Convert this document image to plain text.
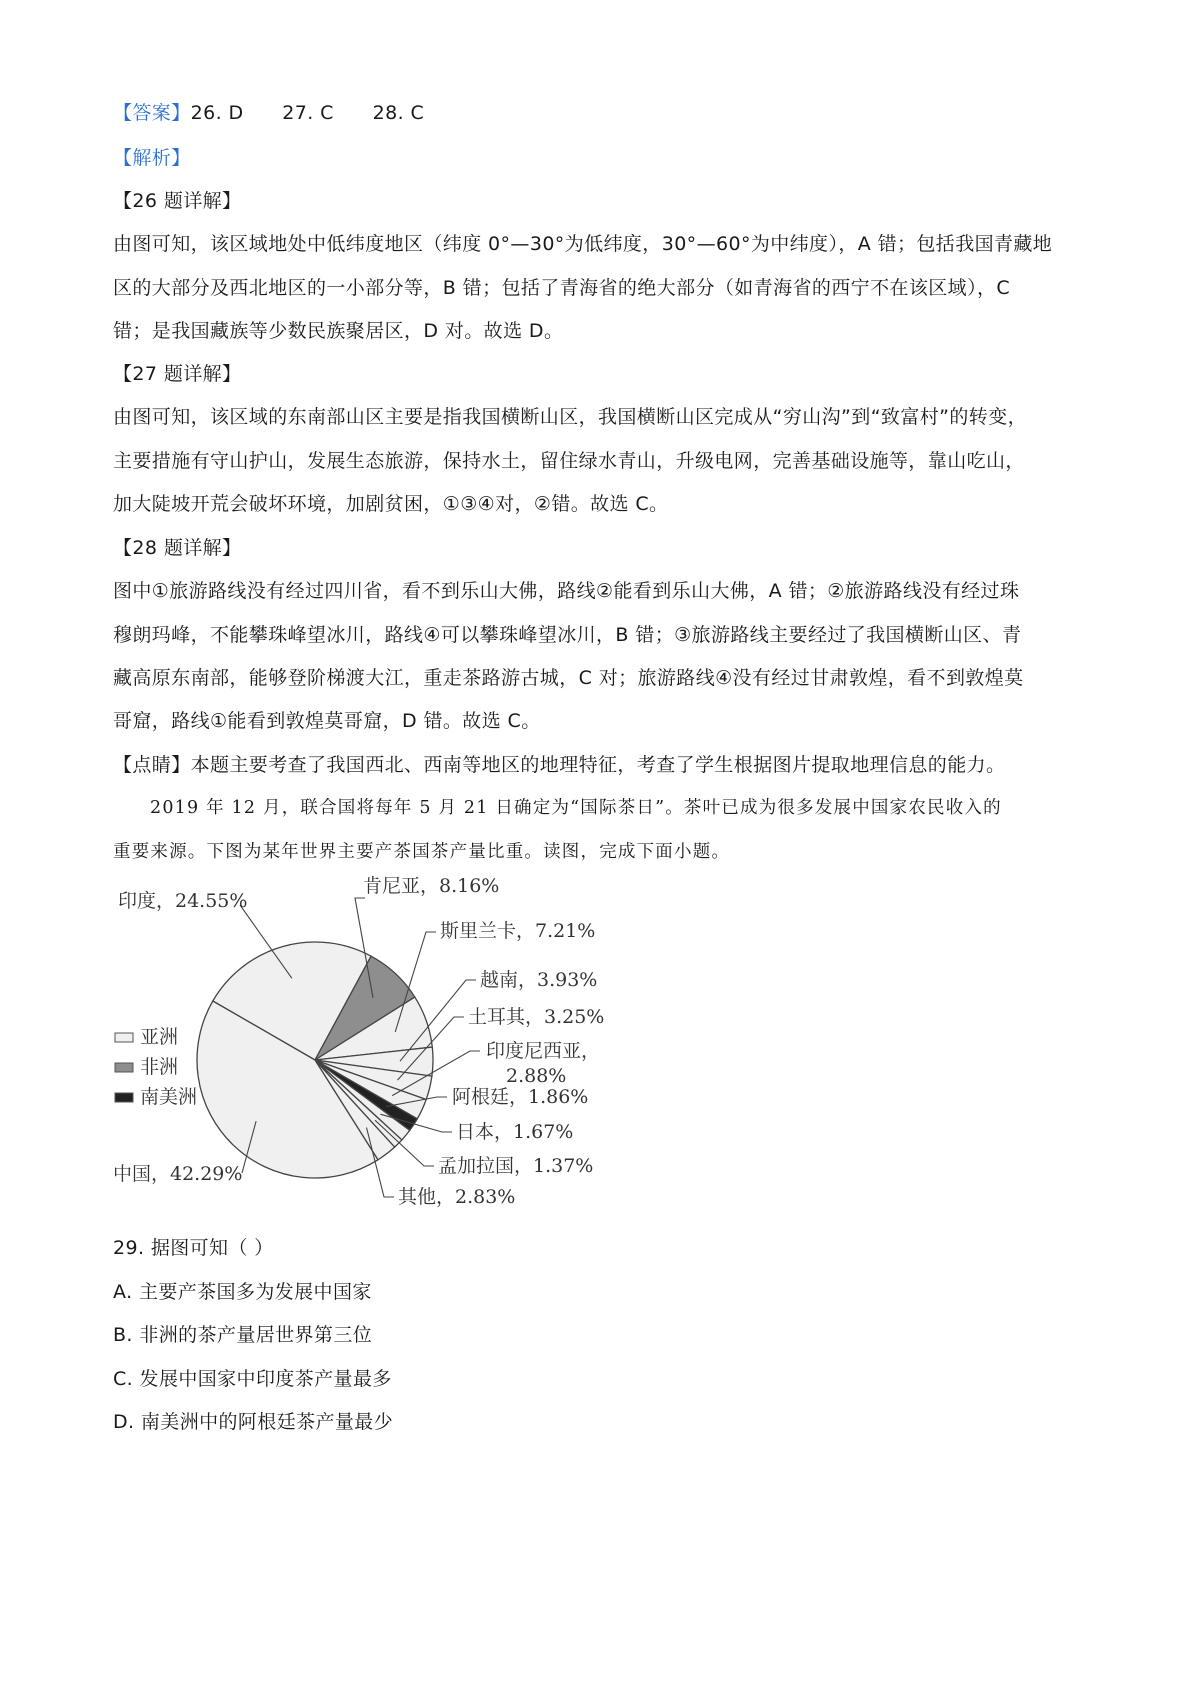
【答案】26. D  27. C  28. C
【解析】
【26 题详解】
由图可知，该区域地处中低纬度地区（纬度 0°—30°为低纬度，30°—60°为中纬度），A 错；包括我国青藏地
区的大部分及西北地区的一小部分等，B 错；包括了青海省的绝大部分（如青海省的西宁不在该区域），C
错；是我国藏族等少数民族聚居区，D 对。故选 D。
【27 题详解】
由图可知，该区域的东南部山区主要是指我国横断山区，我国横断山区完成从“穷山沟”到“致富村”的转变，
主要措施有守山护山，发展生态旅游，保持水土，留住绿水青山，升级电网，完善基础设施等，靠山吃山，
加大陡坡开荒会破坏环境，加剧贫困，①③④对，②错。故选 C。
【28 题详解】
图中①旅游路线没有经过四川省，看不到乐山大佛，路线②能看到乐山大佛，A 错；②旅游路线没有经过珠
穆朗玛峰，不能攀珠峰望冰川，路线④可以攀珠峰望冰川，B 错；③旅游路线主要经过了我国横断山区、青
藏高原东南部，能够登阶梯渡大江，重走茶路游古城，C 对；旅游路线④没有经过甘肃敦煌，看不到敦煌莫
哥窟，路线①能看到敦煌莫哥窟，D 错。故选 C。
【点睛】本题主要考查了我国西北、西南等地区的地理特征，考查了学生根据图片提取地理信息的能力。
2019 年 12 月，联合国将每年 5 月 21 日确定为“国际茶日”。茶叶已成为很多发展中国家农民收入的
重要来源。下图为某年世界主要产茶国茶产量比重。读图，完成下面小题。
亚洲
非洲
南美洲
印度，24.55%
肯尼亚，8.16%
斯里兰卡，7.21%
越南，3.93%
土耳其，3.25%
印度尼西亚，
2.88%
阿根廷，1.86%
日本，1.67%
孟加拉国，1.37%
其他，2.83%
中国，42.29%
29. 据图可知（ ）
A. 主要产茶国多为发展中国家
B. 非洲的茶产量居世界第三位
C. 发展中国家中印度茶产量最多
D. 南美洲中的阿根廷茶产量最少
